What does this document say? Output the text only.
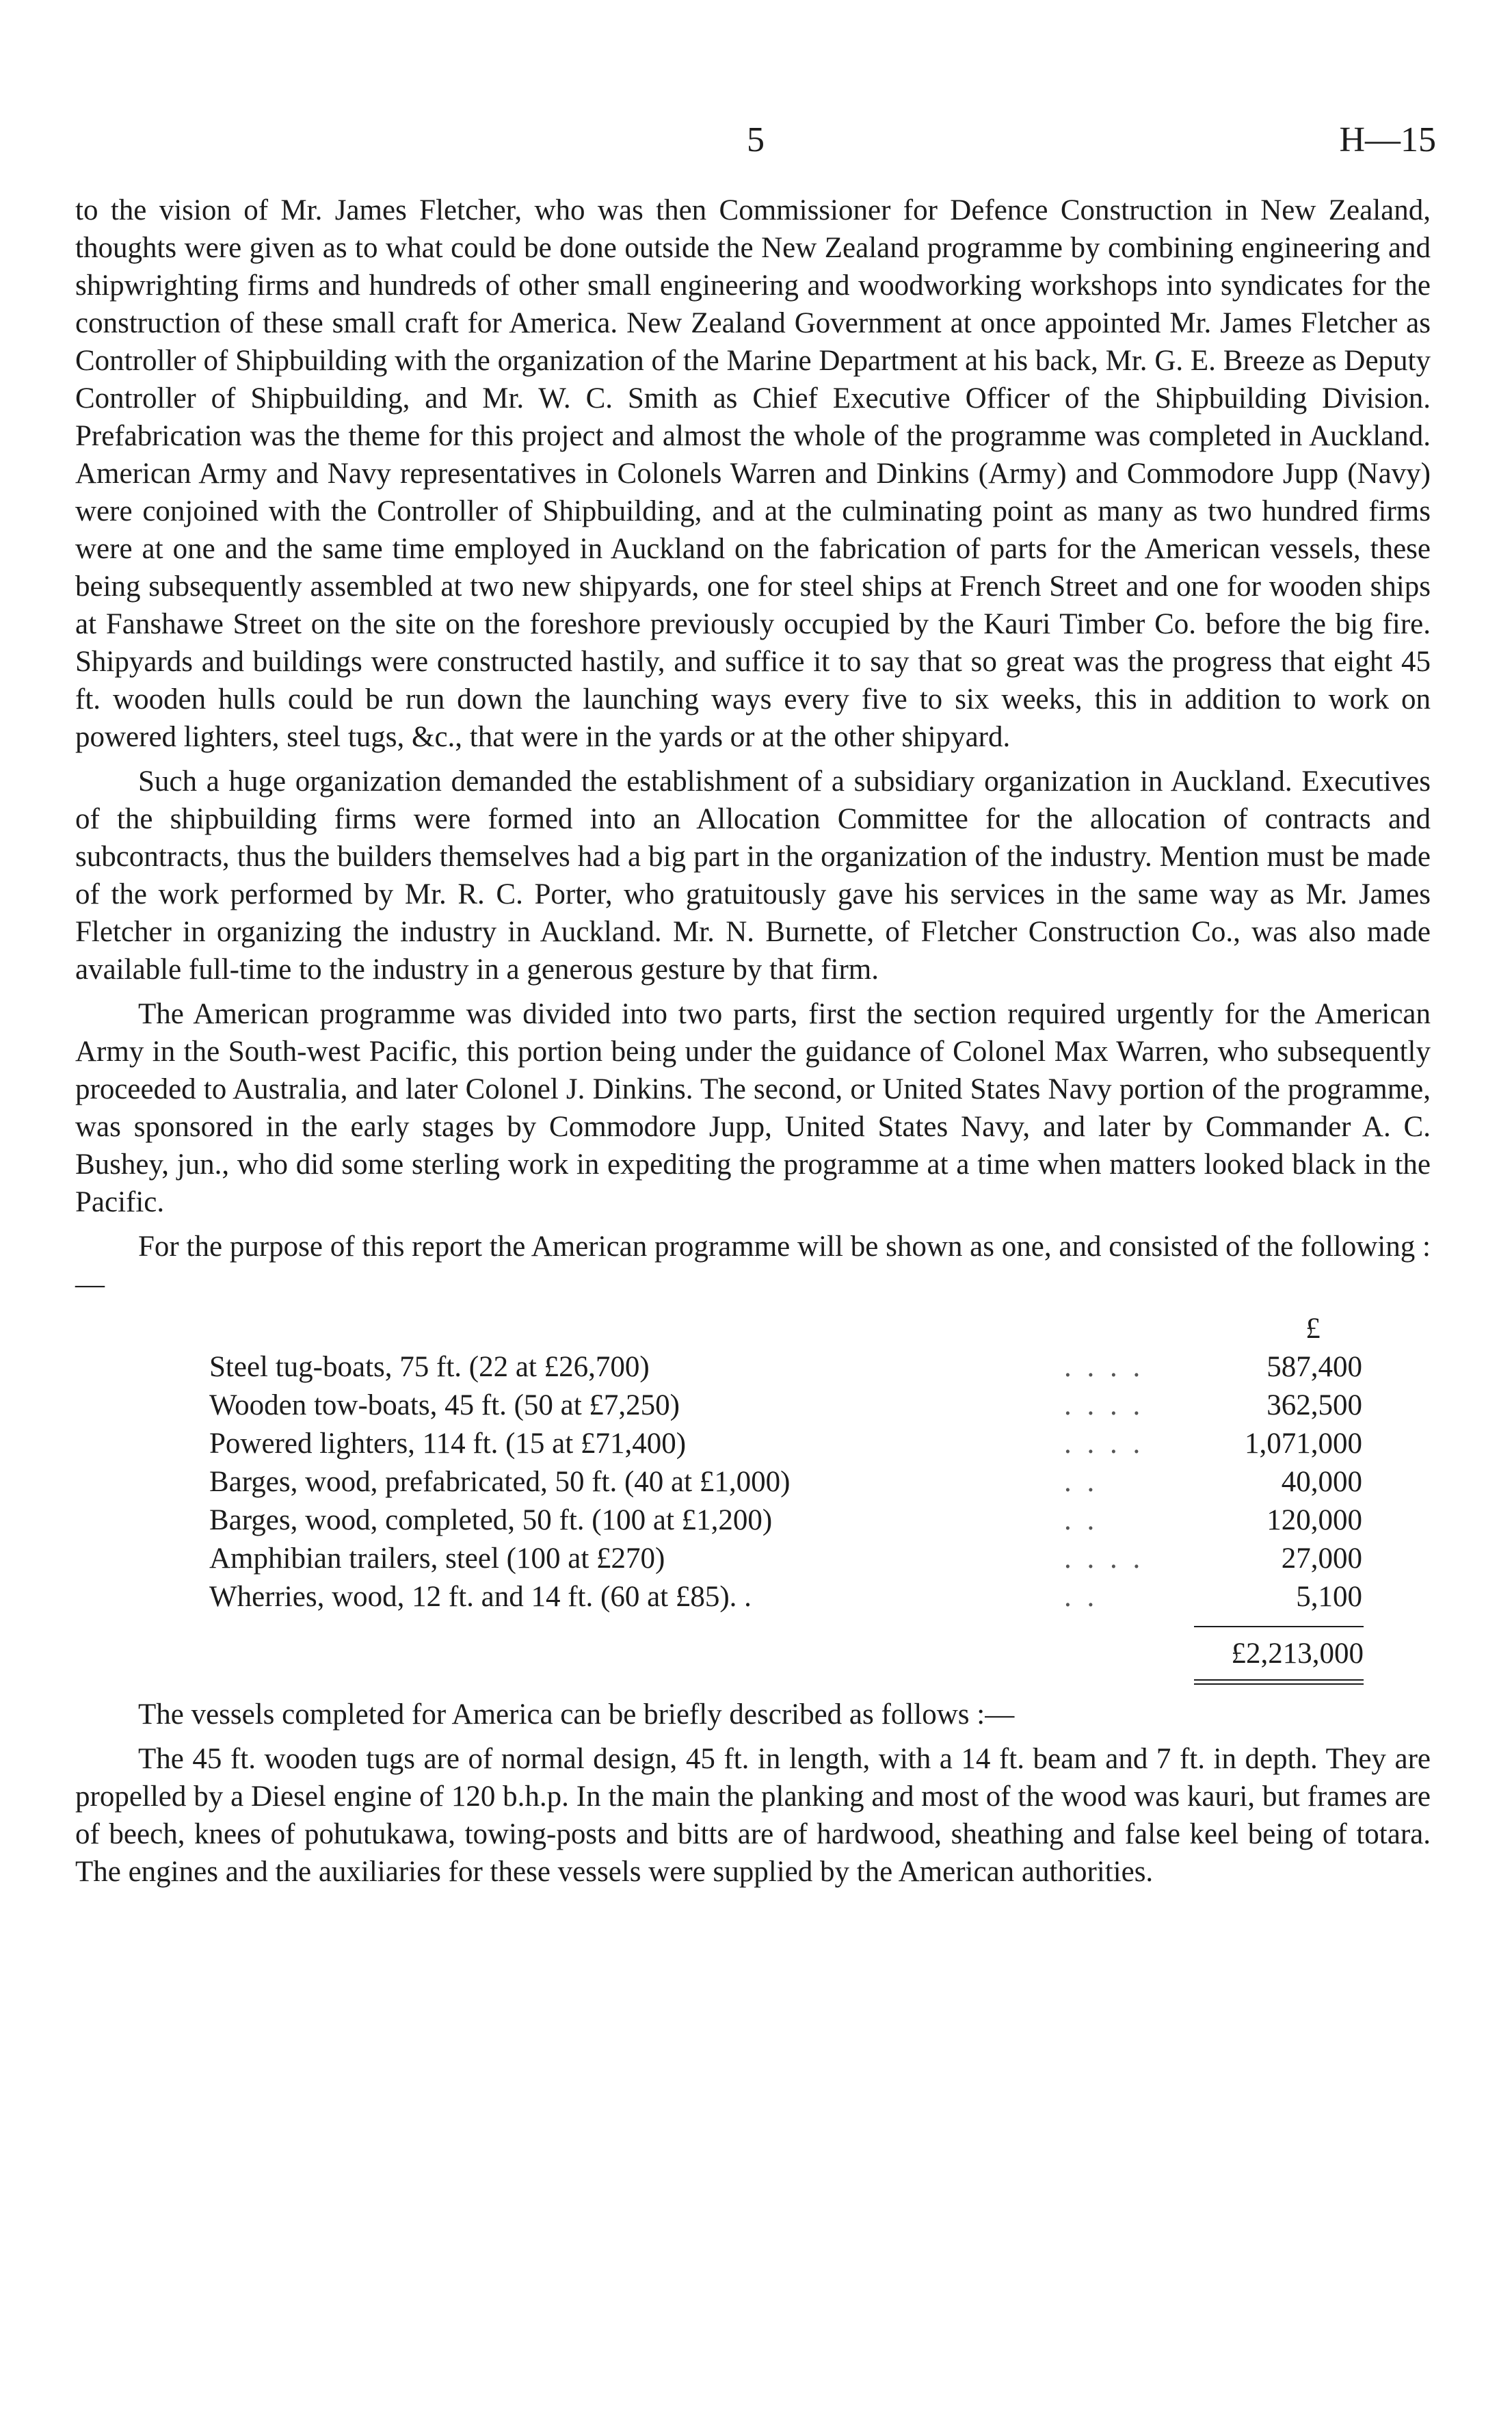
5	H—15

to the vision of Mr. James Fletcher, who was then Commissioner for Defence Construction in New Zealand, thoughts were given as to what could be done outside the New Zealand programme by combining engineering and shipwrighting firms and hundreds of other small engineering and woodworking workshops into syndicates for the construction of these small craft for America. New Zealand Government at once appointed Mr. James Fletcher as Controller of Shipbuilding with the organization of the Marine Department at his back, Mr. G. E. Breeze as Deputy Controller of Shipbuilding, and Mr. W. C. Smith as Chief Executive Officer of the Shipbuilding Division. Prefabrication was the theme for this project and almost the whole of the programme was completed in Auckland. American Army and Navy representatives in Colonels Warren and Dinkins (Army) and Commodore Jupp (Navy) were conjoined with the Controller of Shipbuilding, and at the culminating point as many as two hundred firms were at one and the same time employed in Auckland on the fabrication of parts for the American vessels, these being subsequently assembled at two new shipyards, one for steel ships at French Street and one for wooden ships at Fanshawe Street on the site on the foreshore previously occupied by the Kauri Timber Co. before the big fire. Shipyards and buildings were constructed hastily, and suffice it to say that so great was the progress that eight 45 ft. wooden hulls could be run down the launching ways every five to six weeks, this in addition to work on powered lighters, steel tugs, &c., that were in the yards or at the other shipyard.

Such a huge organization demanded the establishment of a subsidiary organization in Auckland. Executives of the shipbuilding firms were formed into an Allocation Committee for the allocation of contracts and subcontracts, thus the builders themselves had a big part in the organization of the industry. Mention must be made of the work performed by Mr. R. C. Porter, who gratuitously gave his services in the same way as Mr. James Fletcher in organizing the industry in Auckland. Mr. N. Burnette, of Fletcher Construction Co., was also made available full-time to the industry in a generous gesture by that firm.

The American programme was divided into two parts, first the section required urgently for the American Army in the South-west Pacific, this portion being under the guidance of Colonel Max Warren, who subsequently proceeded to Australia, and later Colonel J. Dinkins. The second, or United States Navy portion of the programme, was sponsored in the early stages by Commodore Jupp, United States Navy, and later by Commander A. C. Bushey, jun., who did some sterling work in expediting the programme at a time when matters looked black in the Pacific.

For the purpose of this report the American programme will be shown as one, and consisted of the following :—

£
Steel tug-boats, 75 ft. (22 at £26,700)	. . . .	587,400
Wooden tow-boats, 45 ft. (50 at £7,250)	. . . .	362,500
Powered lighters, 114 ft. (15 at £71,400)	. . . .	1,071,000
Barges, wood, prefabricated, 50 ft. (40 at £1,000)	. .	40,000
Barges, wood, completed, 50 ft. (100 at £1,200)	. .	120,000
Amphibian trailers, steel (100 at £270)	. . . .	27,000
Wherries, wood, 12 ft. and 14 ft. (60 at £85). .	. .	5,100
£2,213,000

The vessels completed for America can be briefly described as follows :—

The 45 ft. wooden tugs are of normal design, 45 ft. in length, with a 14 ft. beam and 7 ft. in depth. They are propelled by a Diesel engine of 120 b.h.p. In the main the planking and most of the wood was kauri, but frames are of beech, knees of pohutukawa, towing-posts and bitts are of hardwood, sheathing and false keel being of totara. The engines and the auxiliaries for these vessels were supplied by the American authorities.
